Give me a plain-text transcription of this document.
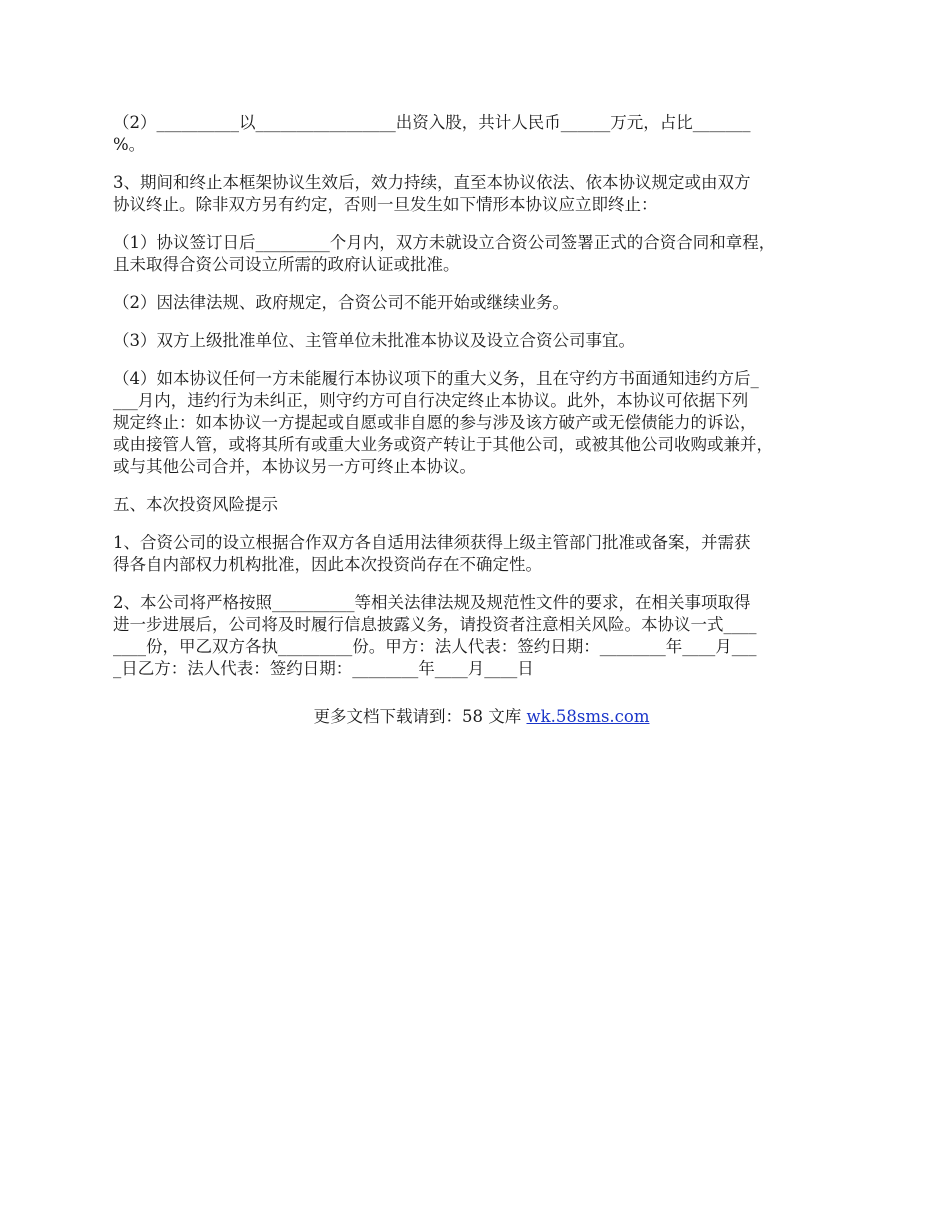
（2）__________以_________________出资入股，共计人民币______万元，占比_______
%。
3、期间和终止本框架协议生效后，效力持续，直至本协议依法、依本协议规定或由双方
协议终止。除非双方另有约定，否则一旦发生如下情形本协议应立即终止：
（1）协议签订日后_________个月内，双方未就设立合资公司签署正式的合资合同和章程，
且未取得合资公司设立所需的政府认证或批准。
（2）因法律法规、政府规定，合资公司不能开始或继续业务。
（3）双方上级批准单位、主管单位未批准本协议及设立合资公司事宜。
（4）如本协议任何一方未能履行本协议项下的重大义务，且在守约方书面通知违约方后_
___月内，违约行为未纠正，则守约方可自行决定终止本协议。此外，本协议可依据下列
规定终止：如本协议一方提起或自愿或非自愿的参与涉及该方破产或无偿债能力的诉讼，
或由接管人管，或将其所有或重大业务或资产转让于其他公司，或被其他公司收购或兼并，
或与其他公司合并，本协议另一方可终止本协议。
五、本次投资风险提示
1、合资公司的设立根据合作双方各自适用法律须获得上级主管部门批准或备案，并需获
得各自内部权力机构批准，因此本次投资尚存在不确定性。
2、本公司将严格按照__________等相关法律法规及规范性文件的要求，在相关事项取得
进一步进展后，公司将及时履行信息披露义务，请投资者注意相关风险。本协议一式____
____份，甲乙双方各执_________份。甲方：法人代表：签约日期：________年____月___
_日乙方：法人代表：签约日期：________年____月____日
更多文档下载请到：58 文库 wk.58sms.com
